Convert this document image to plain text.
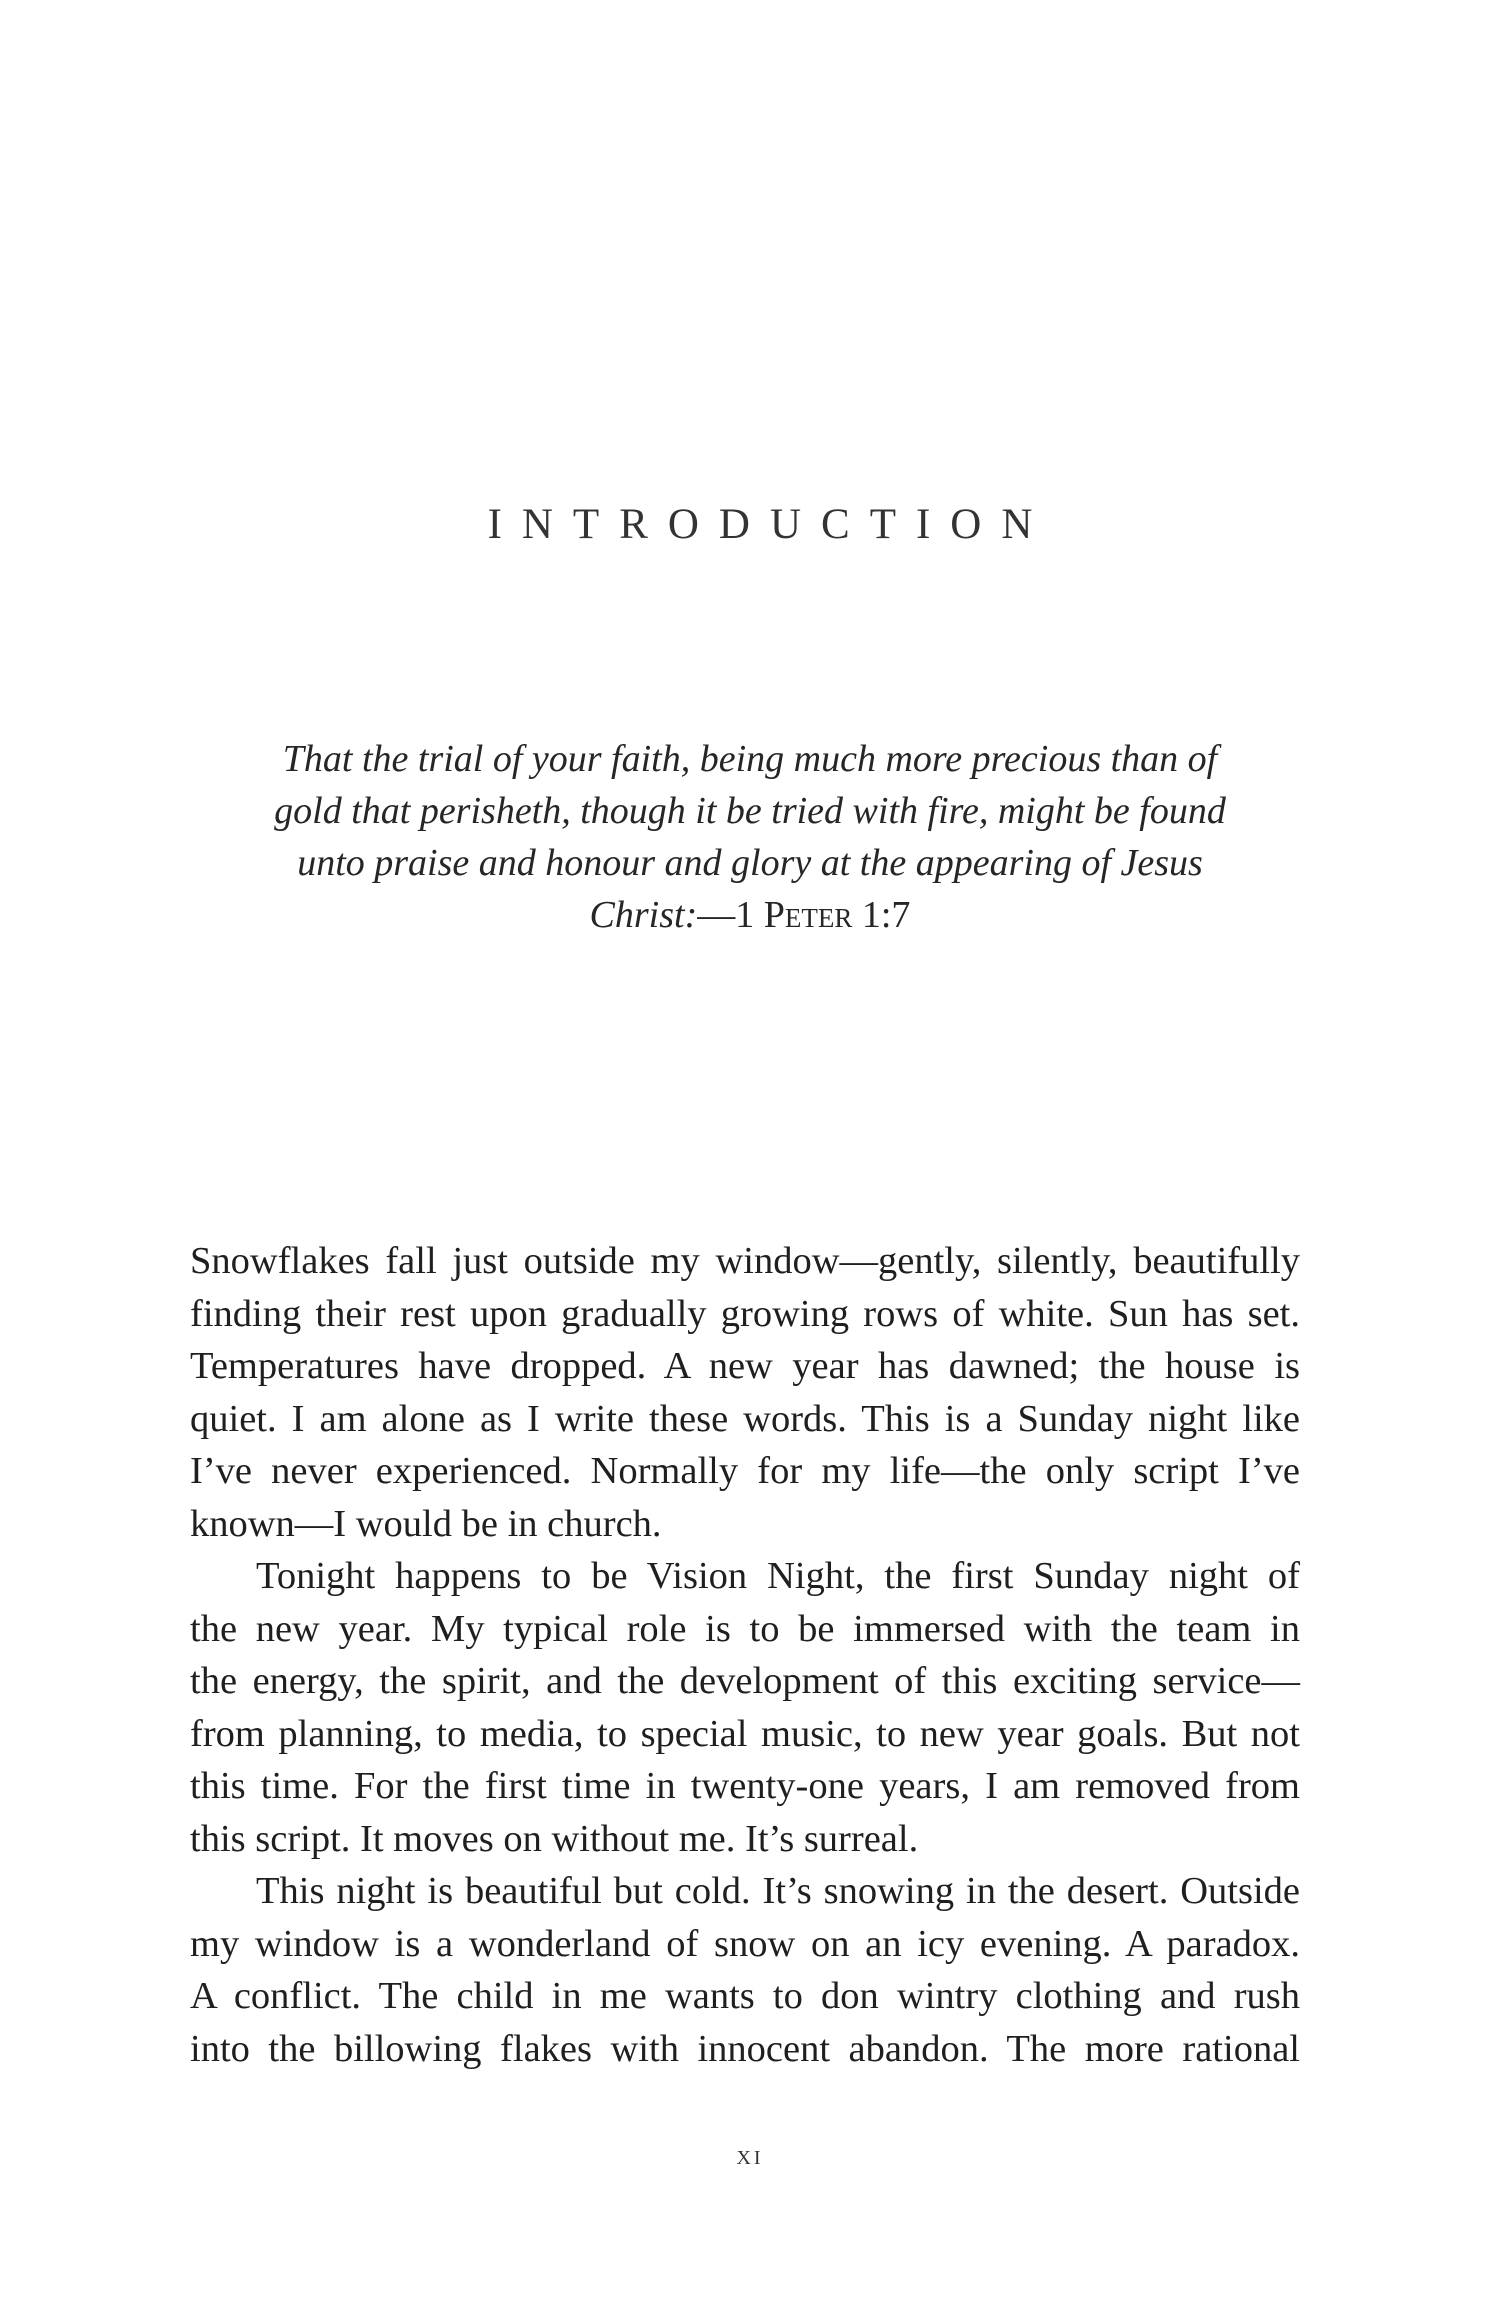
INTRODUCTION
That the trial of your faith, being much more precious than of
gold that perisheth, though it be tried with fire, might be found
unto praise and honour and glory at the appearing of Jesus
Christ:—1 Peter 1:7
Snowflakes fall just outside my window—gently, silently, beautifully
finding their rest upon gradually growing rows of white. Sun has set.
Temperatures have dropped. A new year has dawned; the house is
quiet. I am alone as I write these words. This is a Sunday night like
I’ve never experienced. Normally for my life—the only script I’ve
known—I would be in church.
Tonight happens to be Vision Night, the first Sunday night of
the new year. My typical role is to be immersed with the team in
the energy, the spirit, and the development of this exciting service—
from planning, to media, to special music, to new year goals. But not
this time. For the first time in twenty-one years, I am removed from
this script. It moves on without me. It’s surreal.
This night is beautiful but cold. It’s snowing in the desert. Outside
my window is a wonderland of snow on an icy evening. A paradox.
A conflict. The child in me wants to don wintry clothing and rush
into the billowing flakes with innocent abandon. The more rational
xi
